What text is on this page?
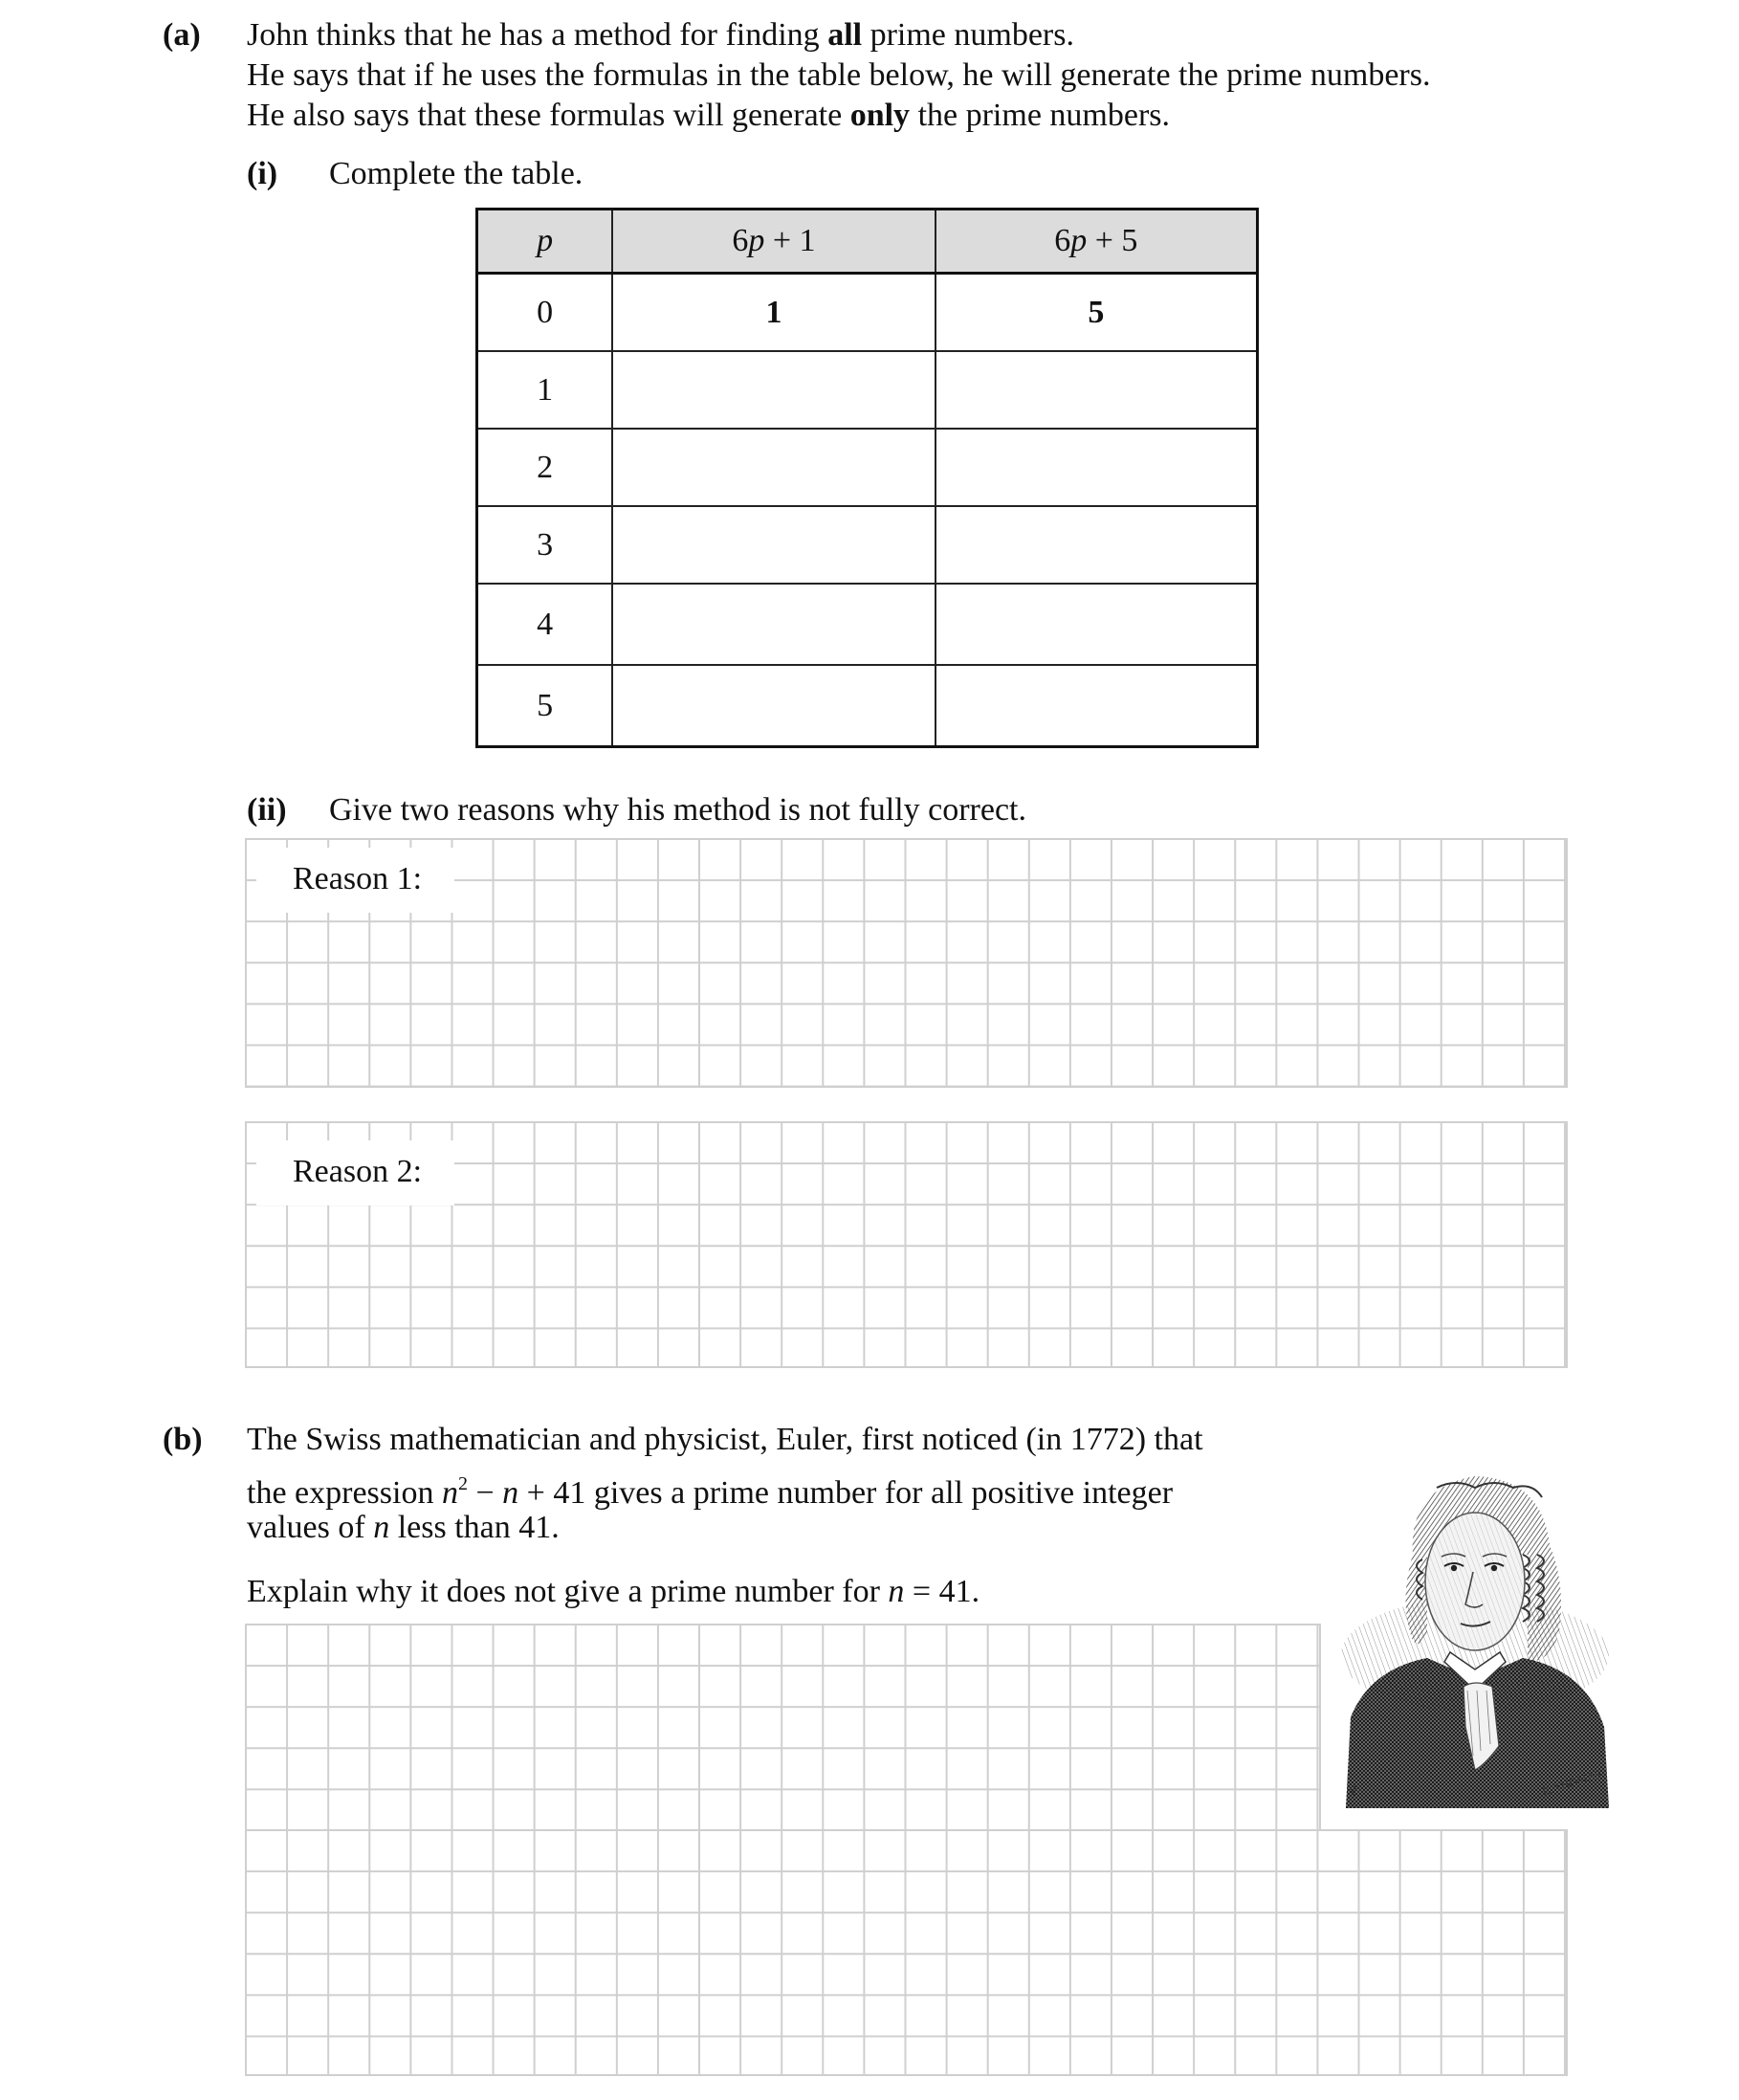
(a) John thinks that he has a method for finding all prime numbers.
He says that if he uses the formulas in the table below, he will generate the prime numbers.
He also says that these formulas will generate only the prime numbers.
(i) Complete the table.
p	6p + 1	6p + 5
0	1	5
1		
2		
3		
4		
5		
(ii) Give two reasons why his method is not fully correct.
Reason 1:
Reason 2:
(b) The Swiss mathematician and physicist, Euler, first noticed (in 1772) that
the expression $n^2 - n + 41$ gives a prime number for all positive integer
values of n less than 41.
Explain why it does not give a prime number for n = 41.
H.	E. THOMAS
